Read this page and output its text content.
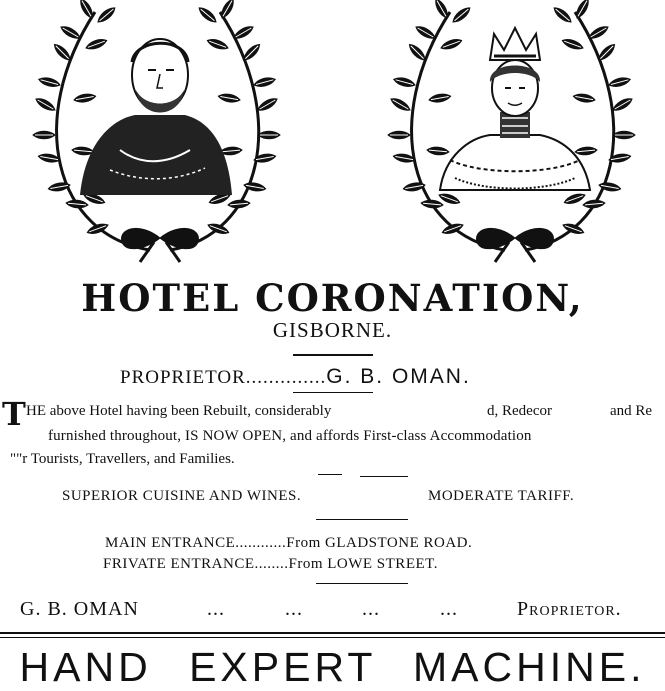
HOTEL CORONATION,
GISBORNE.
PROPRIETOR..............G. B. OMAN.
T HE above Hotel having been Rebuilt, considerably	d, Redecor	and Re
furnished throughout, IS NOW OPEN, and affords First-class Accommodation
""r Tourists, Travellers, and Families.
SUPERIOR CUISINE AND WINES.	MODERATE TARIFF.
MAIN ENTRANCE............From GLADSTONE ROAD.
FRIVATE ENTRANCE........From LOWE STREET.
G. B. OMAN	...	...	...	...	Proprietor.
HAND EXPERT MACHINE.
